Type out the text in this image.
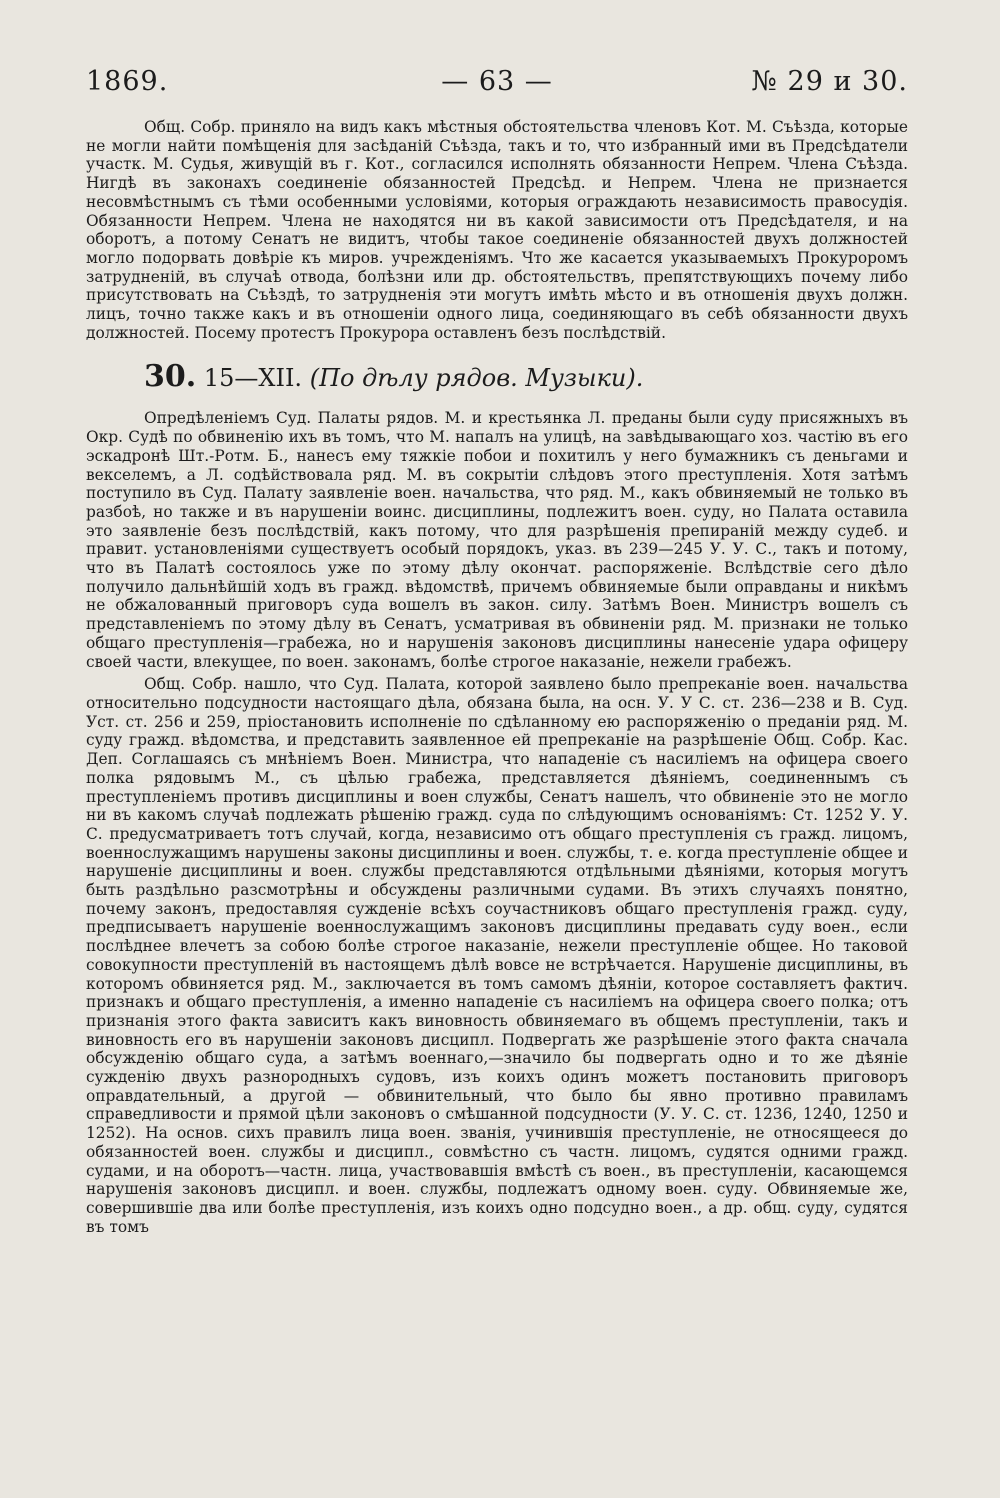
1869.	— 63 —	№ 29 и 30.

Общ. Собр. приняло на видъ какъ мѣстныя обстоятельства членовъ Кот. М. Съѣзда, которые не могли найти помѣщенія для засѣданій Съѣзда, такъ и то, что избранный ими въ Предсѣдатели участк. М. Судья, живущій въ г. Кот., согласился исполнять обязанности Непрем. Члена Съѣзда. Нигдѣ въ законахъ соединеніе обязанностей Предсѣд. и Непрем. Члена не признается несовмѣстнымъ съ тѣми особенными условіями, которыя ограждають независимость правосудія. Обязанности Непрем. Члена не находятся ни въ какой зависимости отъ Предсѣдателя, и на оборотъ, а потому Сенатъ не видитъ, чтобы такое соединеніе обязанностей двухъ должностей могло подорвать довѣріе къ миров. учрежденіямъ. Что же касается указываемыхъ Прокуроромъ затрудненій, въ случаѣ отвода, болѣзни или др. обстоятельствъ, препятствующихъ почему либо присутствовать на Съѣздѣ, то затрудненія эти могутъ имѣть мѣсто и въ отношенія двухъ должн. лицъ, точно также какъ и въ отношеніи одного лица, соединяющаго въ себѣ обязанности двухъ должностей. Посему протестъ Прокурора оставленъ безъ послѣдствій.

30. 15—XII. (По дѣлу рядов. Музыки).

Опредѣленіемъ Суд. Палаты рядов. М. и крестьянка Л. преданы были суду присяжныхъ въ Окр. Судѣ по обвиненію ихъ въ томъ, что М. напалъ на улицѣ, на завѣдывающаго хоз. частію въ его эскадронѣ Шт.-Ротм. Б., нанесъ ему тяжкіе побои и похитилъ у него бумажникъ съ деньгами и векселемъ, а Л. содѣйствовала ряд. М. въ сокрытіи слѣдовъ этого преступленія. Хотя затѣмъ поступило въ Суд. Палату заявленіе воен. начальства, что ряд. М., какъ обвиняемый не только въ разбоѣ, но также и въ нарушеніи воинс. дисциплины, подлежитъ воен. суду, но Палата оставила это заявленіе безъ послѣдствій, какъ потому, что для разрѣшенія препираній между судеб. и правит. установленіями существуетъ особый порядокъ, указ. въ 239—245 У. У. С., такъ и потому, что въ Палатѣ состоялось уже по этому дѣлу окончат. распоряженіе. Вслѣдствіе сего дѣло получило дальнѣйшій ходъ въ гражд. вѣдомствѣ, причемъ обвиняемые были оправданы и никѣмъ не обжалованный приговоръ суда вошелъ въ закон. силу. Затѣмъ Воен. Министръ вошелъ съ представленіемъ по этому дѣлу въ Сенатъ, усматривая въ обвиненіи ряд. М. признаки не только общаго преступленія—грабежа, но и нарушенія законовъ дисциплины нанесеніе удара офицеру своей части, влекущее, по воен. законамъ, болѣе строгое наказаніе, нежели грабежъ.

Общ. Собр. нашло, что Суд. Палата, которой заявлено было препреканіе воен. начальства относительно подсудности настоящаго дѣла, обязана была, на осн. У. У С. ст. 236—238 и В. Суд. Уст. ст. 256 и 259, пріостановить исполненіе по сдѣланному ею распоряженію о преданіи ряд. М. суду гражд. вѣдомства, и представить заявленное ей препреканіе на разрѣшеніе Общ. Собр. Кас. Деп. Соглашаясь съ мнѣніемъ Воен. Министра, что нападеніе съ насиліемъ на офицера своего полка рядовымъ М., съ цѣлью грабежа, представляется дѣяніемъ, соединеннымъ съ преступленіемъ противъ дисциплины и воен службы, Сенатъ нашелъ, что обвиненіе это не могло ни въ какомъ случаѣ подлежать рѣшенію гражд. суда по слѣдующимъ основаніямъ: Ст. 1252 У. У. С. предусматриваетъ тотъ случай, когда, независимо отъ общаго преступленія съ гражд. лицомъ, военнослужащимъ нарушены законы дисциплины и воен. службы, т. е. когда преступленіе общее и нарушеніе дисциплины и воен. службы представляются отдѣльными дѣяніями, которыя могутъ быть раздѣльно разсмотрѣны и обсуждены различными судами. Въ этихъ случаяхъ понятно, почему законъ, предоставляя сужденіе всѣхъ соучастниковъ общаго преступленія гражд. суду, предписываетъ нарушеніе военнослужащимъ законовъ дисциплины предавать суду воен., если послѣднее влечетъ за собою болѣе строгое наказаніе, нежели преступленіе общее. Но таковой совокупности преступленій въ настоящемъ дѣлѣ вовсе не встрѣчается. Нарушеніе дисциплины, въ которомъ обвиняется ряд. М., заключается въ томъ самомъ дѣяніи, которое составляетъ фактич. признакъ и общаго преступленія, а именно нападеніе съ насиліемъ на офицера своего полка; отъ признанія этого факта зависитъ какъ виновность обвиняемаго въ общемъ преступленіи, такъ и виновность его въ нарушеніи законовъ дисципл. Подвергать же разрѣшеніе этого факта сначала обсужденію общаго суда, а затѣмъ военнаго,—значило бы подвергать одно и то же дѣяніе сужденію двухъ разнородныхъ судовъ, изъ коихъ одинъ можетъ постановить приговоръ оправдательный, а другой — обвинительный, что было бы явно противно правиламъ справедливости и прямой цѣли законовъ о смѣшанной подсудности (У. У. С. ст. 1236, 1240, 1250 и 1252). На основ. сихъ правилъ лица воен. званія, учинившія преступленіе, не относящееся до обязанностей воен. службы и дисципл., совмѣстно съ частн. лицомъ, судятся одними гражд. судами, и на оборотъ—частн. лица, участвовавшія вмѣстѣ съ воен., въ преступленіи, касающемся нарушенія законовъ дисципл. и воен. службы, подлежатъ одному воен. суду. Обвиняемые же, совершившіе два или болѣе преступленія, изъ коихъ одно подсудно воен., а др. общ. суду, судятся въ томъ
